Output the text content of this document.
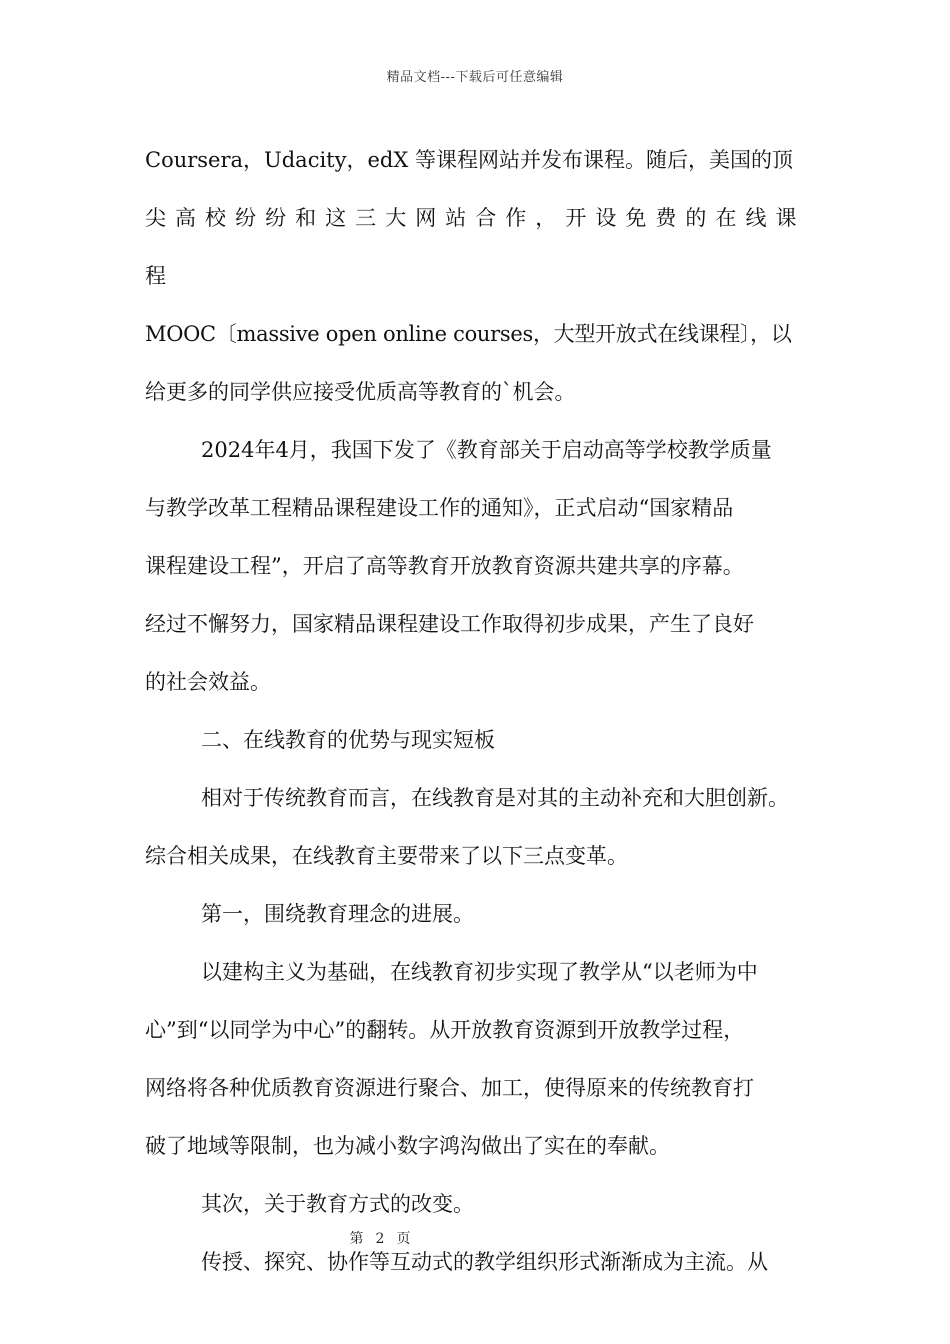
精品文档---下载后可任意编辑

Coursera，Udacity，edX 等课程网站并发布课程。随后，美国的顶
尖高校纷纷和这三大网站合作，开设免费的在线课程
MOOC〔massive open online courses，大型开放式在线课程〕，以
给更多的同学供应接受优质高等教育的`机会。

2024年4月，我国下发了《教育部关于启动高等学校教学质量
与教学改革工程精品课程建设工作的通知》，正式启动“国家精品
课程建设工程”，开启了高等教育开放教育资源共建共享的序幕。
经过不懈努力，国家精品课程建设工作取得初步成果，产生了良好
的社会效益。

二、在线教育的优势与现实短板

相对于传统教育而言，在线教育是对其的主动补充和大胆创新。
综合相关成果，在线教育主要带来了以下三点变革。

第一，围绕教育理念的进展。

以建构主义为基础，在线教育初步实现了教学从“以老师为中
心”到“以同学为中心”的翻转。从开放教育资源到开放教学过程，
网络将各种优质教育资源进行聚合、加工，使得原来的传统教育打
破了地域等限制，也为减小数字鸿沟做出了实在的奉献。

其次，关于教育方式的改变。

传授、探究、协作等互动式的教学组织形式渐渐成为主流。从

第 2 页
